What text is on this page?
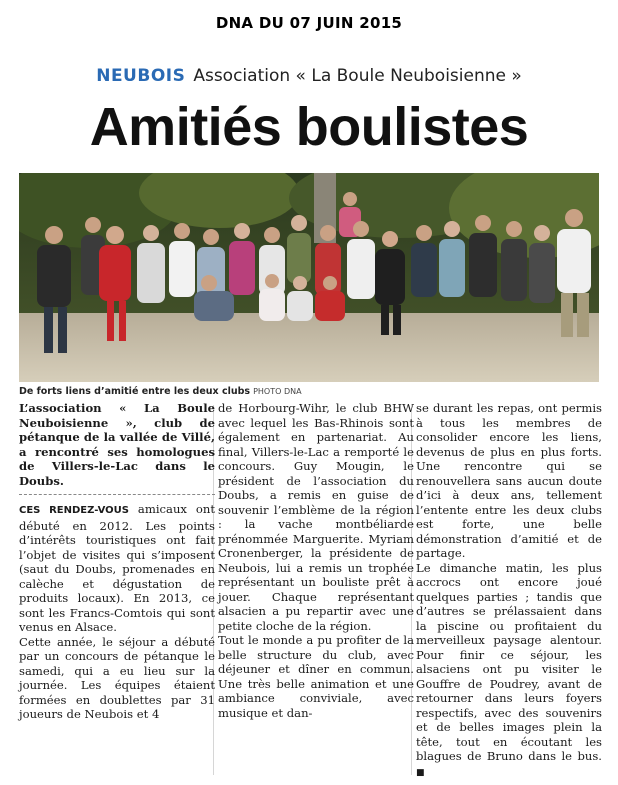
DNA DU 07 JUIN 2015
NEUBOIS Association « La Boule Neuboisienne »
Amitiés boulistes
De forts liens d’amitié entre les deux clubs PHOTO DNA

L’association « La Boule Neuboisienne », club de pétanque de la vallée de Villé, a rencontré ses homologues de Villers-le-Lac dans le Doubs.

CES RENDEZ-VOUS amicaux ont débuté en 2012. Les points d’intérêts touristiques ont fait l’objet de visites qui s’imposent (saut du Doubs, promenades en calèche et dégustation de produits locaux). En 2013, ce sont les Francs-Comtois qui sont venus en Alsace.

Cette année, le séjour a débuté par un concours de pétanque le samedi, qui a eu lieu sur la journée. Les équipes étaient formées en doublettes par 31 joueurs de Neubois et 4

de Horbourg-Wihr, le club BHW avec lequel les Bas-Rhinois sont également en partenariat. Au final, Villers-le-Lac a remporté le concours. Guy Mougin, le président de l’association du Doubs, a remis en guise de souvenir l’emblème de la région : la vache montbéliarde prénommée Marguerite. Myriam Cronenberger, la présidente de Neubois, lui a remis un trophée représentant un bouliste prêt à jouer. Chaque représentant alsacien a pu repartir avec une petite cloche de la région.

Tout le monde a pu profiter de la belle structure du club, avec déjeuner et dîner en commun. Une très belle animation et une ambiance conviviale, avec musique et dan-

se durant les repas, ont permis à tous les membres de consolider encore les liens, devenus de plus en plus forts. Une rencontre qui se renouvellera sans aucun doute d’ici à deux ans, tellement l’entente entre les deux clubs est forte, une belle démonstration d’amitié et de partage.

Le dimanche matin, les plus accrocs ont encore joué quelques parties ; tandis que d’autres se prélassaient dans la piscine ou profitaient du merveilleux paysage alentour. Pour finir ce séjour, les alsaciens ont pu visiter le Gouffre de Poudrey, avant de retourner dans leurs foyers respectifs, avec des souvenirs et de belles images plein la tête, tout en écoutant les blagues de Bruno dans le bus. ■
